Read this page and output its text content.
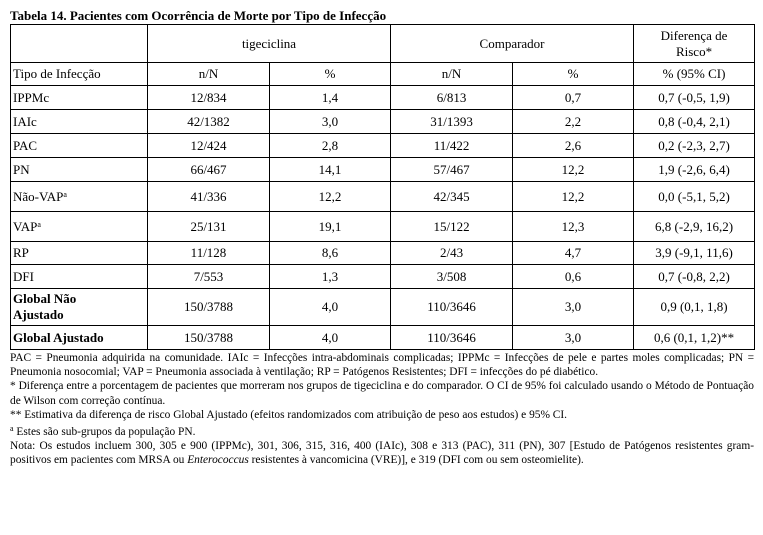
Tabela 14. Pacientes com Ocorrência de Morte por Tipo de Infecção
	tigeciclina		Comparador		Diferença de
Risco*
Tipo de Infecção	n/N	%	n/N	%	% (95% CI)
IPPMc	12/834	1,4	6/813	0,7	0,7 (-0,5, 1,9)
IAIc	42/1382	3,0	31/1393	2,2	0,8 (-0,4, 2,1)
PAC	12/424	2,8	11/422	2,6	0,2 (-2,3, 2,7)
PN	66/467	14,1	57/467	12,2	1,9 (-2,6, 6,4)
Não-VAP$^a$	41/336	12,2	42/345	12,2	0,0 (-5,1, 5,2)
VAP$^a$	25/131	19,1	15/122	12,3	6,8 (-2,9, 16,2)
RP	11/128	8,6	2/43	4,7	3,9 (-9,1, 11,6)
DFI	7/553	1,3	3/508	0,6	0,7 (-0,8, 2,2)
Global Não
Ajustado	150/3788	4,0	110/3646	3,0	0,9 (0,1, 1,8)
Global Ajustado	150/3788	4,0	110/3646	3,0	0,6 (0,1, 1,2)**

PAC = Pneumonia adquirida na comunidade. IAIc = Infecções intra-abdominais complicadas; IPPMc = Infecções de pele e partes moles complicadas; PN = Pneumonia nosocomial; VAP = Pneumonia associada à ventilação; RP = Patógenos Resistentes; DFI = infecções do pé diabético.

* Diferença entre a porcentagem de pacientes que morreram nos grupos de tigeciclina e do comparador. O CI de 95% foi calculado usando o Método de Pontuação de Wilson com correção contínua.

** Estimativa da diferença de risco Global Ajustado (efeitos randomizados com atribuição de peso aos estudos) e 95% CI.

$^a$ Estes são sub-grupos da população PN.

Nota: Os estudos incluem 300, 305 e 900 (IPPMc), 301, 306, 315, 316, 400 (IAIc), 308 e 313 (PAC), 311 (PN), 307 [Estudo de Patógenos resistentes gram-positivos em pacientes com MRSA ou Enterococcus resistentes à vancomicina (VRE)], e 319 (DFI com ou sem osteomielite).
